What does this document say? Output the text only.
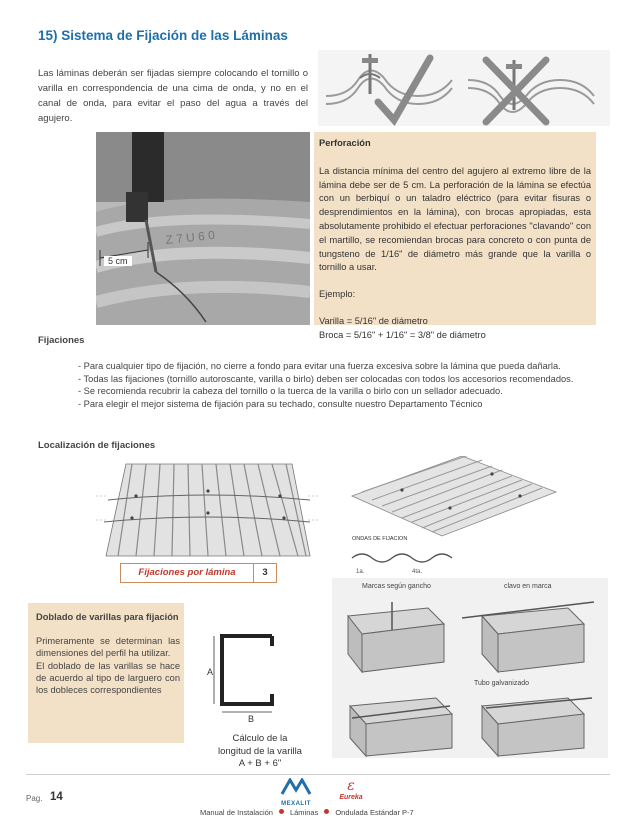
15) Sistema de Fijación de las Láminas
Las láminas deberán ser fijadas siempre colocando el tornillo o varilla en correspondencia de una cima de onda, y no en el canal de onda, para evitar el paso del agua a través del agujero.
Z 7 U 6 0
5 cm
Perforación
La distancia mínima del centro del agujero al extremo libre de la lámina debe ser de 5 cm. La perforación de la lámina se efectúa con un berbiquí o un taladro eléctrico (para evitar fisuras o desprendimientos en la lámina), con brocas apropiadas, esta absolutamente prohibido el efectuar perforaciones "clavando" con el martillo, se recomiendan brocas para concreto o con punta de tungsteno de 1/16" de diámetro más grande que la varilla o tornillo a usar.
Ejemplo:
Varilla = 5/16" de diámetro
Broca = 5/16" + 1/16" = 3/8" de diámetro
Fijaciones
- Para cualquier tipo de fijación, no cierre a fondo para evitar una fuerza excesiva sobre la lámina que pueda dañarla.
- Todas las fijaciones (tornillo autoroscante, varilla o birlo) deben ser colocadas con todos los accesorios recomendados.
- Se recomienda recubrir la cabeza del tornillo o la tuerca de la varilla o birlo con un sellador adecuado.
- Para elegir el mejor sistema de fijación para su techado, consulte nuestro Departamento Técnico
Localización de fijaciones
ONDAS DE FIJACION
1a.	4ta.
Fijaciones por lámina	3
Doblado de varillas para fijación
Primeramente se determinan las dimensiones del perfil ha utilizar.
El doblado de las varillas se hace de acuerdo al tipo de larguero con los dobleces correspondientes
A
B
Cálculo de la
longitud de la varilla
A + B + 6"
Marcas según gancho	clavo en marca
Tubo galvanizado
Pag. 14
MEXALIT
ε
Eureka
Manual de Instalación Láminas Ondulada Estándar P-7
